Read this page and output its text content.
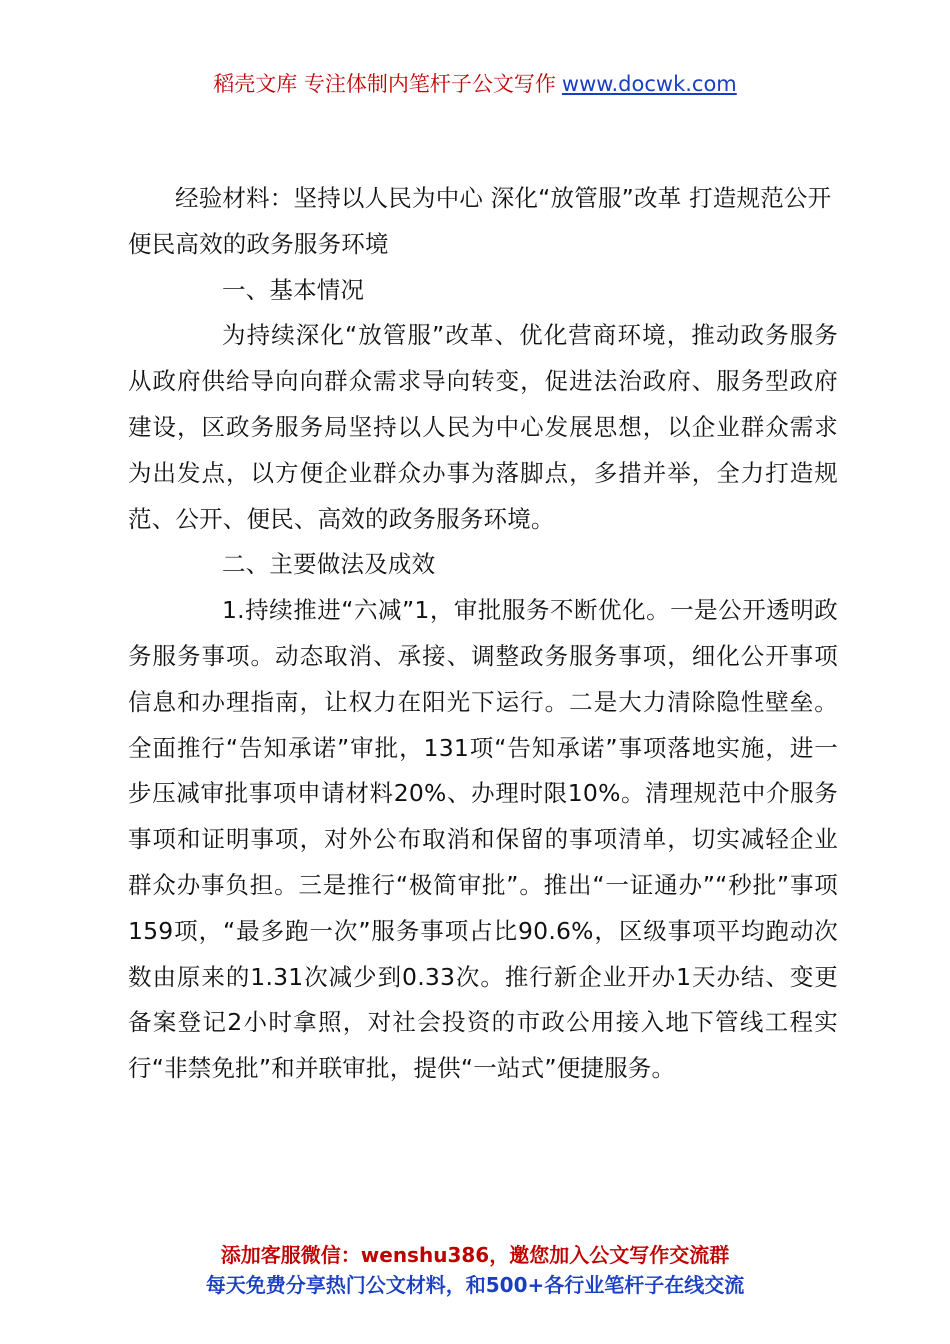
稻壳文库 专注体制内笔杆子公文写作 www.docwk.com

经验材料：坚持以人民为中心 深化“放管服”改革 打造规范公开便民高效的政务服务环境

一、基本情况

为持续深化“放管服”改革、优化营商环境，推动政务服务从政府供给导向向群众需求导向转变，促进法治政府、服务型政府建设，区政务服务局坚持以人民为中心发展思想，以企业群众需求为出发点，以方便企业群众办事为落脚点，多措并举，全力打造规范、公开、便民、高效的政务服务环境。

二、主要做法及成效

1.持续推进“六减”1，审批服务不断优化。一是公开透明政务服务事项。动态取消、承接、调整政务服务事项，细化公开事项信息和办理指南，让权力在阳光下运行。二是大力清除隐性壁垒。全面推行“告知承诺”审批，131项“告知承诺”事项落地实施，进一步压减审批事项申请材料20%、办理时限10%。清理规范中介服务事项和证明事项，对外公布取消和保留的事项清单，切实减轻企业群众办事负担。三是推行“极简审批”。推出“一证通办”“秒批”事项159项，“最多跑一次”服务事项占比90.6%，区级事项平均跑动次数由原来的1.31次减少到0.33次。推行新企业开办1天办结、变更备案登记2小时拿照，对社会投资的市政公用接入地下管线工程实行“非禁免批”和并联审批，提供“一站式”便捷服务。

添加客服微信：wenshu386，邀您加入公文写作交流群
每天免费分享热门公文材料，和500+各行业笔杆子在线交流
